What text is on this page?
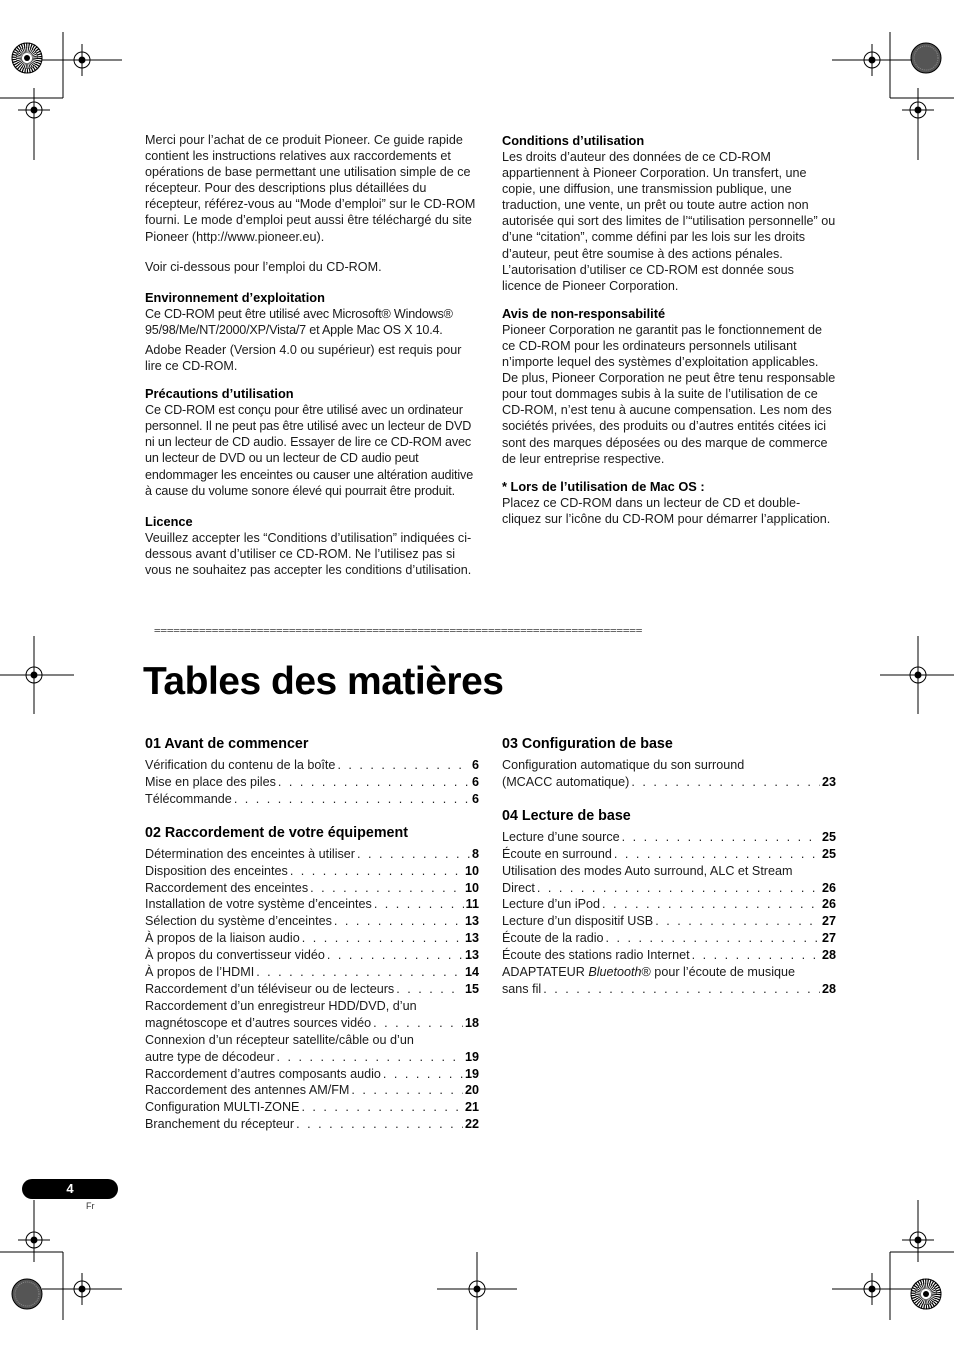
Merci pour l’achat de ce produit Pioneer. Ce guide rapide contient les instructions relatives aux raccordements et opérations de base permettant une utilisation simple de ce récepteur. Pour des descriptions plus détaillées du récepteur, référez-vous au “Mode d’emploi” sur le CD-ROM fourni. Le mode d’emploi peut aussi être téléchargé du site Pioneer (http://www.pioneer.eu).

Voir ci-dessous pour l’emploi du CD-ROM.

Environnement d’exploitation

Ce CD-ROM peut être utilisé avec Microsoft® Windows® 95/98/Me/NT/2000/XP/Vista/7 et Apple Mac OS X 10.4.

Adobe Reader (Version 4.0 ou supérieur) est requis pour lire ce CD-ROM.

Précautions d’utilisation

Ce CD-ROM est conçu pour être utilisé avec un ordinateur personnel. Il ne peut pas être utilisé avec un lecteur de DVD ni un lecteur de CD audio. Essayer de lire ce CD-ROM avec un lecteur de DVD ou un lecteur de CD audio peut endommager les enceintes ou causer une altération auditive à cause du volume sonore élevé qui pourrait être produit.

Licence

Veuillez accepter les “Conditions d’utilisation” indiquées ci-dessous avant d’utiliser ce CD-ROM. Ne l’utilisez pas si vous ne souhaitez pas accepter les conditions d’utilisation.

Conditions d’utilisation

Les droits d’auteur des données de ce CD-ROM appartiennent à Pioneer Corporation. Un transfert, une copie, une diffusion, une transmission publique, une traduction, une vente, un prêt ou toute autre action non autorisée qui sort des limites de l’“utilisation personnelle” ou d’une “citation”, comme défini par les lois sur les droits d’auteur, peut être soumise à des actions pénales. L’autorisation d’utiliser ce CD-ROM est donnée sous licence de Pioneer Corporation.

Avis de non-responsabilité

Pioneer Corporation ne garantit pas le fonctionnement de ce CD-ROM pour les ordinateurs personnels utilisant n’importe lequel des systèmes d’exploitation applicables. De plus, Pioneer Corporation ne peut être tenu responsable pour tout dommages subis à la suite de l’utilisation de ce CD-ROM, n’est tenu à aucune compensation. Les nom des sociétés privées, des produits ou d’autres entités citées ici sont des marques déposées ou des marque de commerce de leur entreprise respective.

* Lors de l’utilisation de Mac OS :

Placez ce CD-ROM dans un lecteur de CD et double-cliquez sur l’icône du CD-ROM pour démarrer l’application.

============================================================================
Tables des matières

01 Avant de commencer

Vérification du contenu de la boîte . . .	6
Mise en place des piles . . .	6
Télécommande . . .	6

02 Raccordement de votre équipement

Détermination des enceintes à utiliser . . .	8
Disposition des enceintes . . .	10
Raccordement des enceintes . . .	10
Installation de votre système d’enceintes . . .	11
Sélection du système d’enceintes . . .	13
À propos de la liaison audio . . .	13
À propos du convertisseur vidéo . . .	13
À propos de l’HDMI . . .	14
Raccordement d’un téléviseur ou de lecteurs . . .	15
Raccordement d’un enregistreur HDD/DVD, d’un
magnétoscope et d’autres sources vidéo . . .	18
Connexion d’un récepteur satellite/câble ou d’un
autre type de décodeur . . .	19
Raccordement d’autres composants audio . . .	19
Raccordement des antennes AM/FM . . .	20
Configuration MULTI-ZONE . . .	21
Branchement du récepteur . . .	22

03 Configuration de base

Configuration automatique du son surround
(MCACC automatique) . . .	23

04 Lecture de base

Lecture d’une source . . .	25
Écoute en surround . . .	25
Utilisation des modes Auto surround, ALC et Stream
Direct . . .	26
Lecture d’un iPod . . .	26
Lecture d’un dispositif USB . . .	27
Écoute de la radio . . .	27
Écoute des stations radio Internet . . .	28
ADAPTATEUR Bluetooth® pour l’écoute de musique
sans fil . . .	28
4
Fr
